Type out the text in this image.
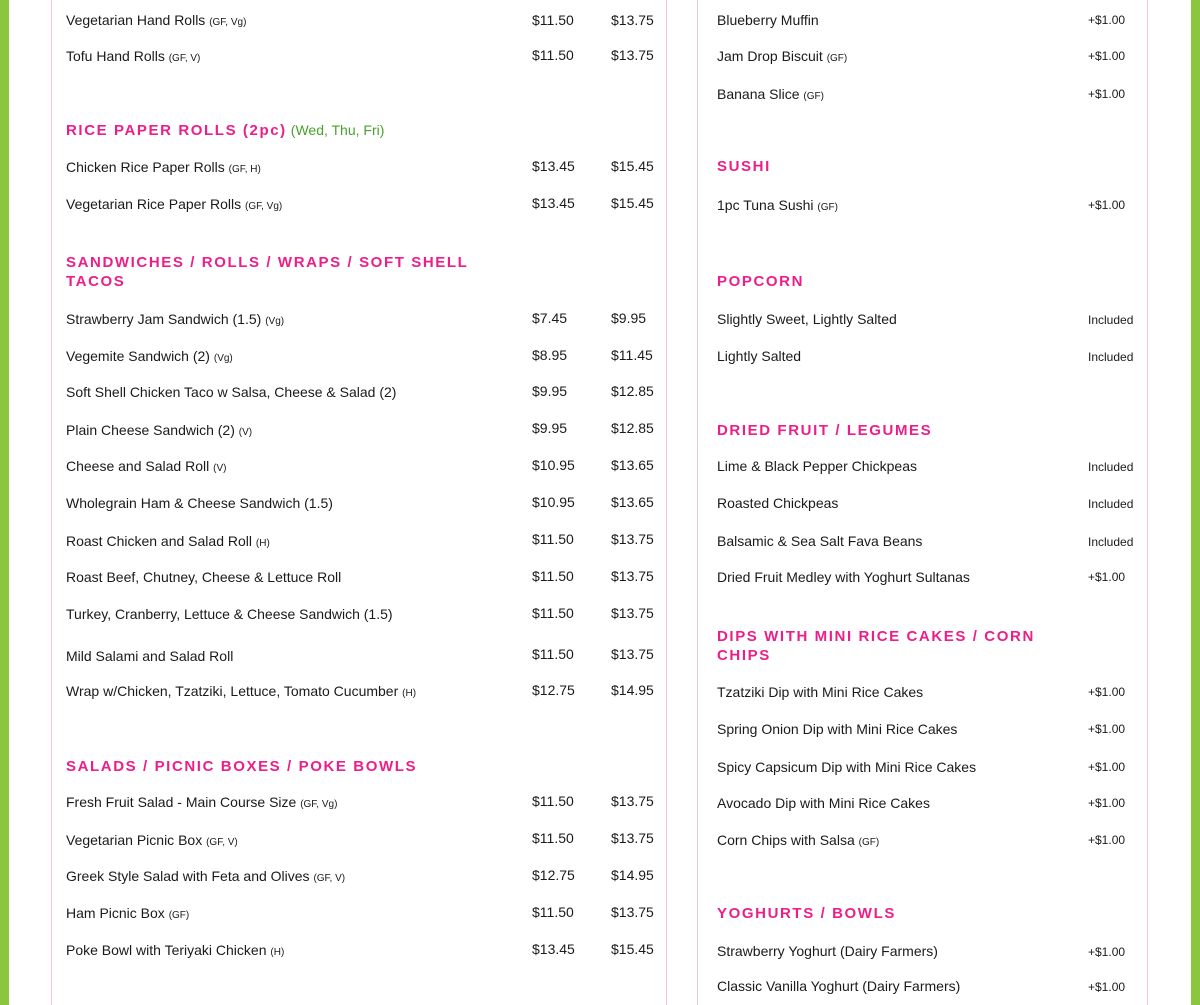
Vegetarian Hand Rolls (GF, Vg)	$11.50	$13.75
Tofu Hand Rolls (GF, V)	$11.50	$13.75
RICE PAPER ROLLS (2pc) (Wed, Thu, Fri)
Chicken Rice Paper Rolls (GF, H)	$13.45	$15.45
Vegetarian Rice Paper Rolls (GF, Vg)	$13.45	$15.45
SANDWICHES / ROLLS / WRAPS / SOFT SHELL
TACOS
Strawberry Jam Sandwich (1.5) (Vg)	$7.45	$9.95
Vegemite Sandwich (2) (Vg)	$8.95	$11.45
Soft Shell Chicken Taco w Salsa, Cheese & Salad (2)	$9.95	$12.85
Plain Cheese Sandwich (2) (V)	$9.95	$12.85
Cheese and Salad Roll (V)	$10.95	$13.65
Wholegrain Ham & Cheese Sandwich (1.5)	$10.95	$13.65
Roast Chicken and Salad Roll (H)	$11.50	$13.75
Roast Beef, Chutney, Cheese & Lettuce Roll	$11.50	$13.75
Turkey, Cranberry, Lettuce & Cheese Sandwich (1.5)	$11.50	$13.75
Mild Salami and Salad Roll	$11.50	$13.75
Wrap w/Chicken, Tzatziki, Lettuce, Tomato Cucumber (H)	$12.75	$14.95
SALADS / PICNIC BOXES / POKE BOWLS
Fresh Fruit Salad - Main Course Size (GF, Vg)	$11.50	$13.75
Vegetarian Picnic Box (GF, V)	$11.50	$13.75
Greek Style Salad with Feta and Olives (GF, V)	$12.75	$14.95
Ham Picnic Box (GF)	$11.50	$13.75
Poke Bowl with Teriyaki Chicken (H)	$13.45	$15.45
Blueberry Muffin	+$1.00
Jam Drop Biscuit (GF)	+$1.00
Banana Slice (GF)	+$1.00
SUSHI
1pc Tuna Sushi (GF)	+$1.00
POPCORN
Slightly Sweet, Lightly Salted	Included
Lightly Salted	Included
DRIED FRUIT / LEGUMES
Lime & Black Pepper Chickpeas	Included
Roasted Chickpeas	Included
Balsamic & Sea Salt Fava Beans	Included
Dried Fruit Medley with Yoghurt Sultanas	+$1.00
DIPS WITH MINI RICE CAKES / CORN
CHIPS
Tzatziki Dip with Mini Rice Cakes	+$1.00
Spring Onion Dip with Mini Rice Cakes	+$1.00
Spicy Capsicum Dip with Mini Rice Cakes	+$1.00
Avocado Dip with Mini Rice Cakes	+$1.00
Corn Chips with Salsa (GF)	+$1.00
YOGHURTS / BOWLS
Strawberry Yoghurt (Dairy Farmers)	+$1.00
Classic Vanilla Yoghurt (Dairy Farmers)	+$1.00
